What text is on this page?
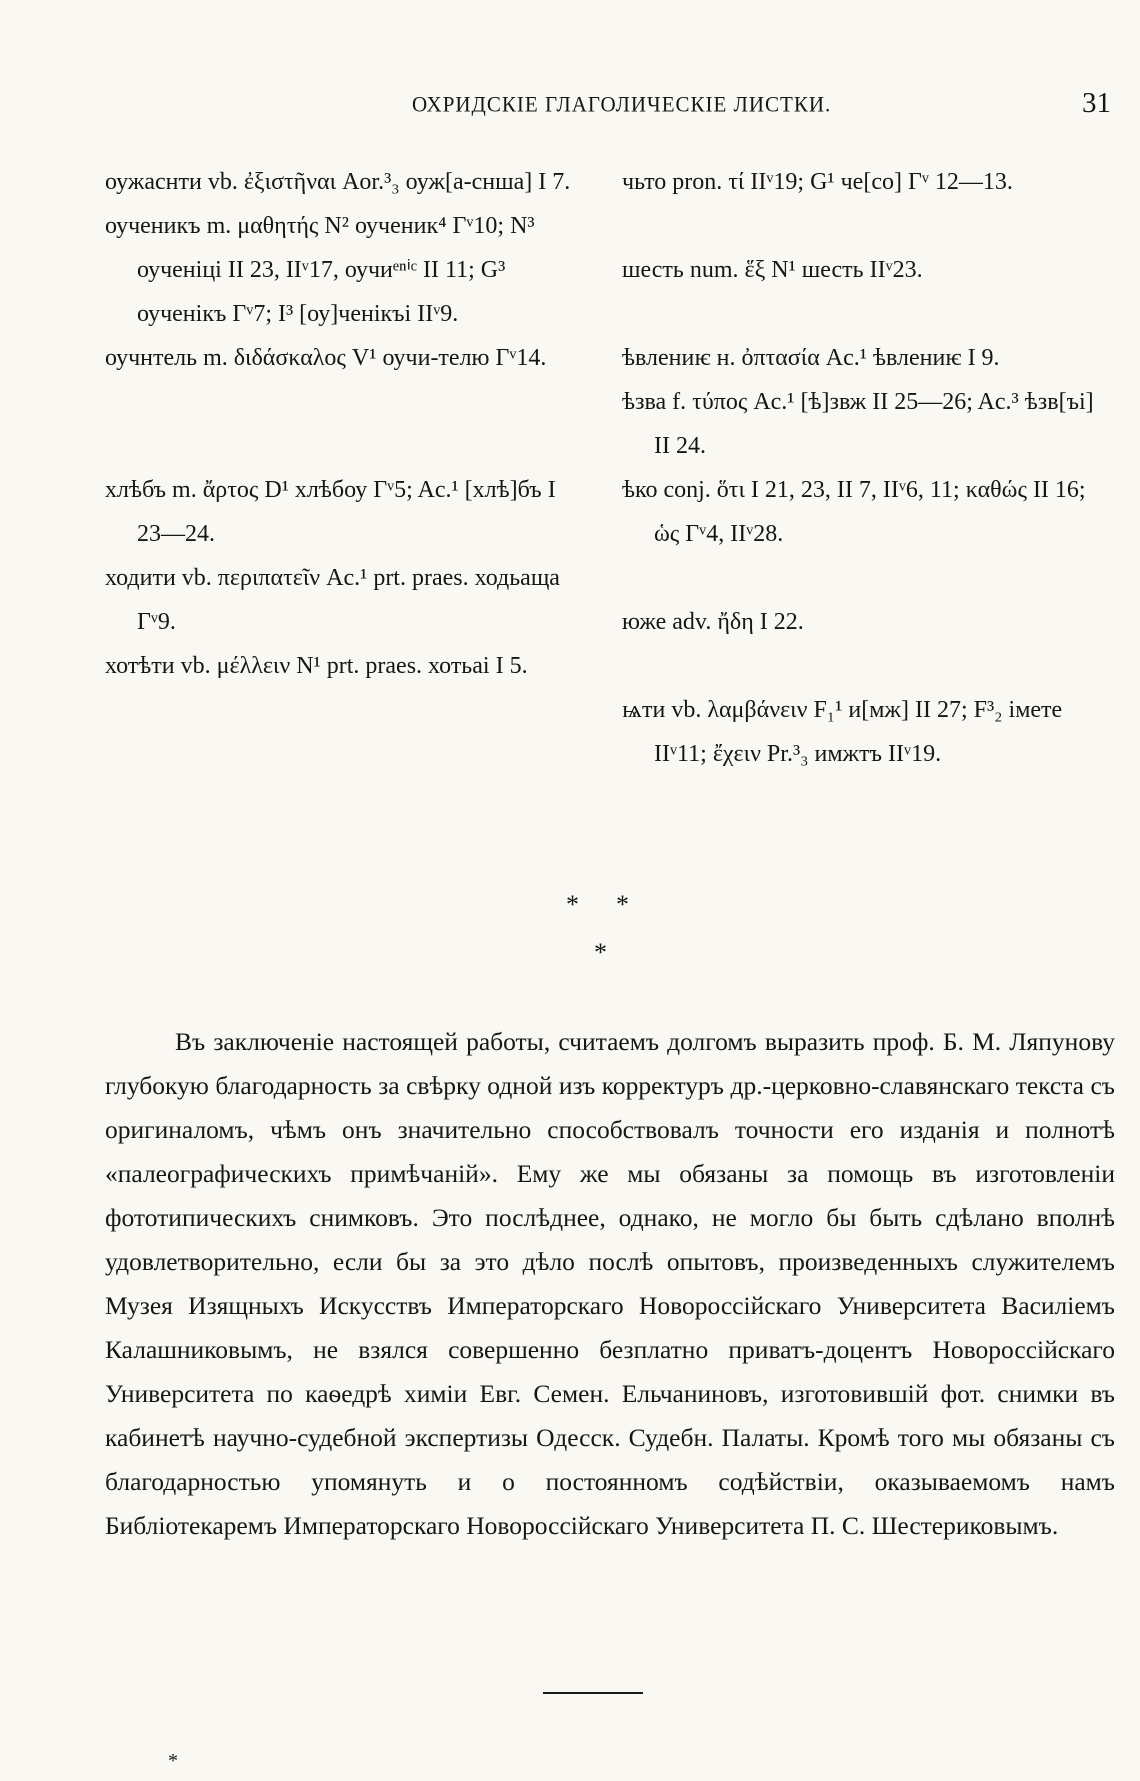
ОХРИДСКІЕ ГЛАГОЛИЧЕСКІЕ ЛИСТКИ.	31

оужаснти vb. ἐξιστῆναι Aor.³₃ оуж[а-снша] I 7.

оученикъ m. μαθητής N² оученик⁴ Гᵛ10; N³ оученіці II 23, IIᵛ17, оучиᵉⁿⁱᶜ II 11; G³ оученікъ Гᵛ7; I³ [оу]ченікъі IIᵛ9.

оучнтель m. διδάσκαλος V¹ оучи-телю Гᵛ14.

хлѣбъ m. ἄρτος D¹ хлѣбоу Гᵛ5; Ac.¹ [хлѣ]бъ I 23—24.

ходити vb. περιπατεῖν Ac.¹ prt. praes. ходьаща Гᵛ9.

хотѣти vb. μέλλειν N¹ prt. praes. хотьаі I 5.

чьто pron. τί IIᵛ19; G¹ че[со] Гᵛ 12—13.

шесть num. ἕξ N¹ шесть IIᵛ23.

ѣвлениѥ н. ὀπτασία Ac.¹ ѣвлениѥ I 9.

ѣзва f. τύπος Ac.¹ [ѣ]звж II 25—26; Ac.³ ѣзв[ъі] II 24.

ѣко conj. ὅτι I 21, 23, II 7, IIᵛ6, 11; καθώς II 16; ὡς Гᵛ4, IIᵛ28.

юже adv. ἤδη I 22.

ѩти vb. λαμβάνειν F₁¹ и[мж] II 27; F³₂ імете IIᵛ11; ἔχειν Pr.³₃ имжтъ IIᵛ19.

* *
*

Въ заключеніе настоящей работы, считаемъ долгомъ выразить проф. Б. М. Ляпунову глубокую благодарность за свѣрку одной изъ корректуръ др.-церковно-славянскаго текста съ оригиналомъ, чѣмъ онъ значительно способствовалъ точности его изданія и полнотѣ «палеографическихъ примѣчаній». Ему же мы обязаны за помощь въ изготовленіи фототипическихъ снимковъ. Это послѣднее, однако, не могло бы быть сдѣлано вполнѣ удовлетворительно, если бы за это дѣло послѣ опытовъ, произведенныхъ служителемъ Музея Изящныхъ Искусствъ Императорскаго Новороссійскаго Университета Василіемъ Калашниковымъ, не взялся совершенно безплатно приватъ-доцентъ Новороссійскаго Университета по каѳедрѣ химіи Евг. Семен. Ельчаниновъ, изготовившій фот. снимки въ кабинетѣ научно-судебной экспертизы Одесск. Судебн. Палаты. Кромѣ того мы обязаны съ благодарностью упомянуть и о постоянномъ содѣйствіи, оказываемомъ намъ Библіотекаремъ Императорскаго Новороссійскаго Университета П. С. Шестериковымъ.

*
